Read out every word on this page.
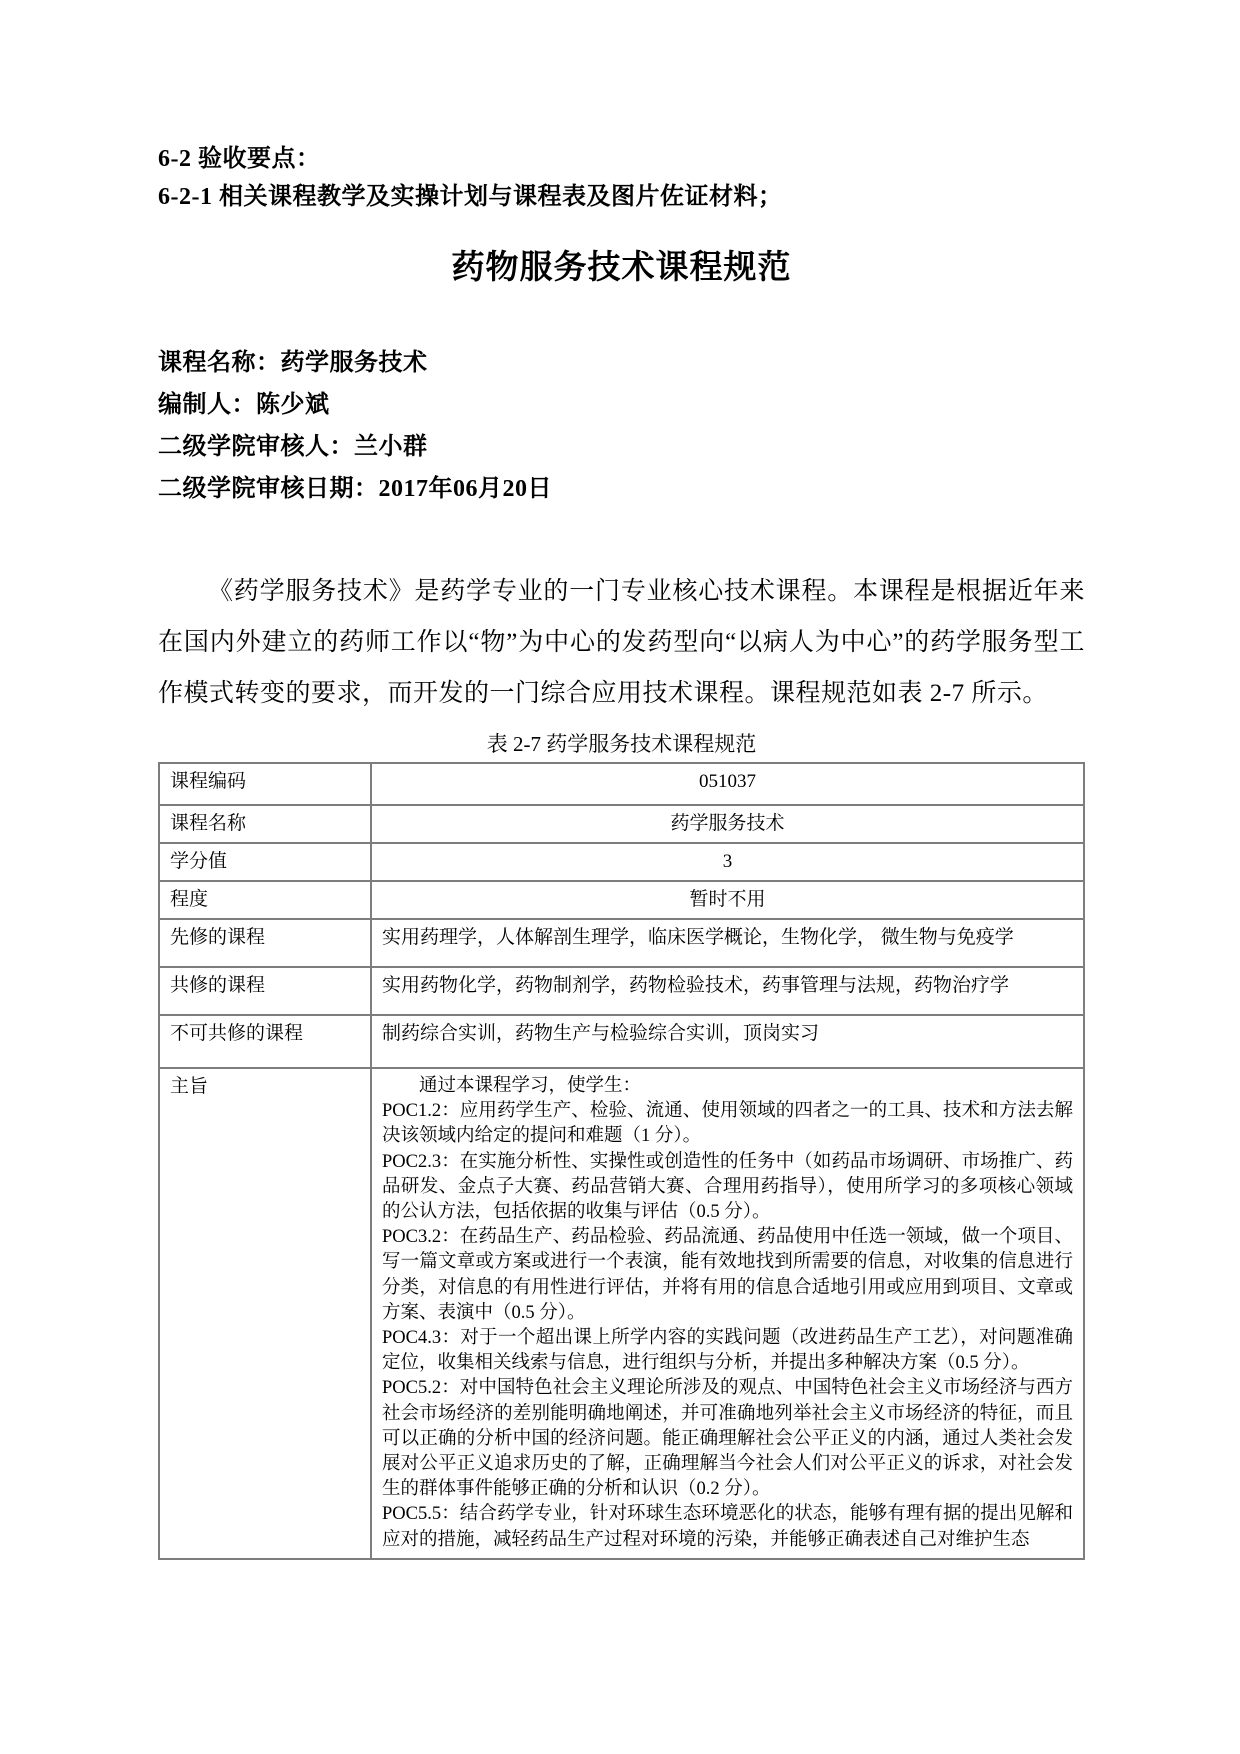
6-2 验收要点：
6-2-1 相关课程教学及实操计划与课程表及图片佐证材料；
药物服务技术课程规范
课程名称：药学服务技术
编制人：陈少斌
二级学院审核人：兰小群
二级学院审核日期：2017年06月20日
《药学服务技术》是药学专业的一门专业核心技术课程。本课程是根据近年来在国内外建立的药师工作以“物”为中心的发药型向“以病人为中心”的药学服务型工作模式转变的要求，而开发的一门综合应用技术课程。课程规范如表 2-7 所示。
表 2-7 药学服务技术课程规范
课程编码	051037
课程名称	药学服务技术
学分值	3
程度	暂时不用
先修的课程	实用药理学，人体解剖生理学，临床医学概论，生物化学， 微生物与免疫学
共修的课程	实用药物化学，药物制剂学，药物检验技术，药事管理与法规，药物治疗学
不可共修的课程	制药综合实训，药物生产与检验综合实训，顶岗实习
主旨	　　通过本课程学习，使学生：
POC1.2：应用药学生产、检验、流通、使用领域的四者之一的工具、技术和方法去解决该领域内给定的提问和难题（1 分）。
POC2.3：在实施分析性、实操性或创造性的任务中（如药品市场调研、市场推广、药品研发、金点子大赛、药品营销大赛、合理用药指导），使用所学习的多项核心领域的公认方法，包括依据的收集与评估（0.5 分）。
POC3.2：在药品生产、药品检验、药品流通、药品使用中任选一领域，做一个项目、写一篇文章或方案或进行一个表演，能有效地找到所需要的信息，对收集的信息进行分类，对信息的有用性进行评估，并将有用的信息合适地引用或应用到项目、文章或方案、表演中（0.5 分）。
POC4.3：对于一个超出课上所学内容的实践问题（改进药品生产工艺），对问题准确定位，收集相关线索与信息，进行组织与分析，并提出多种解决方案（0.5 分）。
POC5.2：对中国特色社会主义理论所涉及的观点、中国特色社会主义市场经济与西方社会市场经济的差别能明确地阐述，并可准确地列举社会主义市场经济的特征，而且可以正确的分析中国的经济问题。能正确理解社会公平正义的内涵，通过人类社会发展对公平正义追求历史的了解，正确理解当今社会人们对公平正义的诉求，对社会发生的群体事件能够正确的分析和认识（0.2 分）。
POC5.5：结合药学专业，针对环球生态环境恶化的状态，能够有理有据的提出见解和应对的措施，减轻药品生产过程对环境的污染，并能够正确表述自己对维护生态
